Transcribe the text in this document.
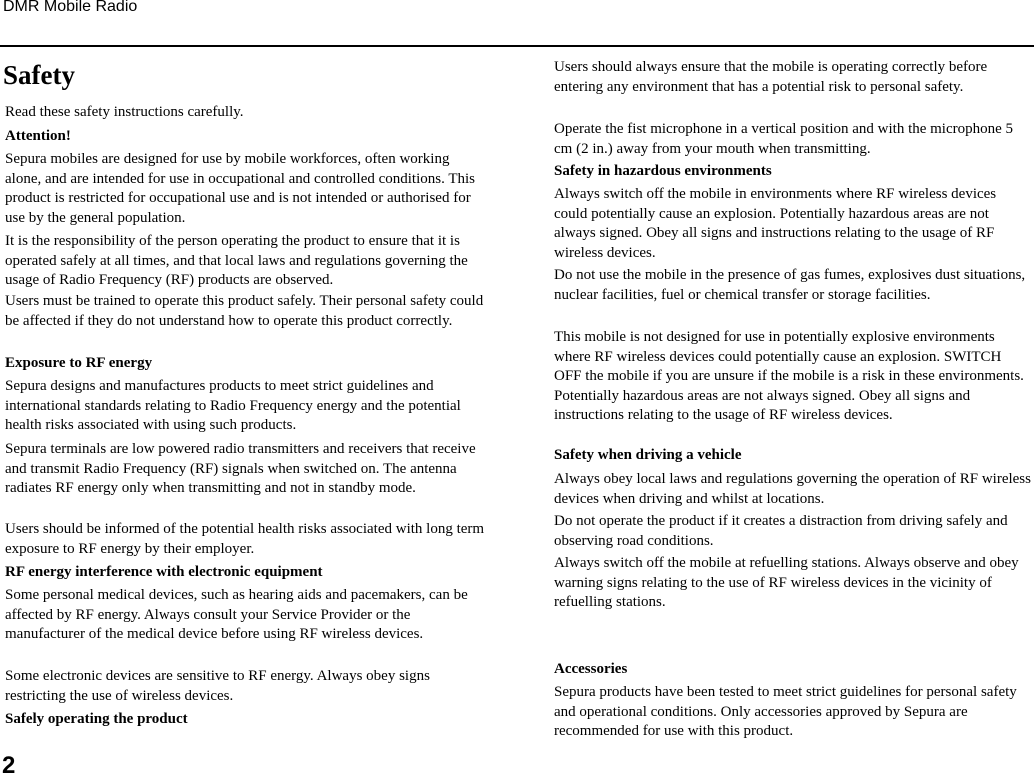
DMR Mobile Radio
Safety

Read these safety instructions carefully.

Attention!

Sepura mobiles are designed for use by mobile workforces, often working alone, and are intended for use in occupational and controlled conditions. This product is restricted for occupational use and is not intended or authorised for use by the general population.

It is the responsibility of the person operating the product to ensure that it is operated safely at all times, and that local laws and regulations governing the usage of Radio Frequency (RF) products are observed.

Users must be trained to operate this product safely. Their personal safety could be affected if they do not understand how to operate this product correctly.

Exposure to RF energy

Sepura designs and manufactures products to meet strict guidelines and international standards relating to Radio Frequency energy and the potential health risks associated with using such products.

Sepura terminals are low powered radio transmitters and receivers that receive and transmit Radio Frequency (RF) signals when switched on. The antenna radiates RF energy only when transmitting and not in standby mode.

Users should be informed of the potential health risks associated with long term exposure to RF energy by their employer.

RF energy interference with electronic equipment

Some personal medical devices, such as hearing aids and pacemakers, can be affected by RF energy. Always consult your Service Provider or the manufacturer of the medical device before using RF wireless devices.

Some electronic devices are sensitive to RF energy. Always obey signs restricting the use of wireless devices.

Safely operating the product

Users should always ensure that the mobile is operating correctly before entering any environment that has a potential risk to personal safety.

Operate the fist microphone in a vertical position and with the microphone 5 cm (2 in.) away from your mouth when transmitting.

Safety in hazardous environments

Always switch off the mobile in environments where RF wireless devices could potentially cause an explosion. Potentially hazardous areas are not always signed. Obey all signs and instructions relating to the usage of RF wireless devices.

Do not use the mobile in the presence of gas fumes, explosives dust situations, nuclear facilities, fuel or chemical transfer or storage facilities.

This mobile is not designed for use in potentially explosive environments where RF wireless devices could potentially cause an explosion. SWITCH OFF the mobile if you are unsure if the mobile is a risk in these environments. Potentially hazardous areas are not always signed. Obey all signs and instructions relating to the usage of RF wireless devices.

Safety when driving a vehicle

Always obey local laws and regulations governing the operation of RF wireless devices when driving and whilst at locations.

Do not operate the product if it creates a distraction from driving safely and observing road conditions.

Always switch off the mobile at refuelling stations. Always observe and obey warning signs relating to the use of RF wireless devices in the vicinity of refuelling stations.

Accessories

Sepura products have been tested to meet strict guidelines for personal safety and operational conditions. Only accessories approved by Sepura are recommended for use with this product.

2
